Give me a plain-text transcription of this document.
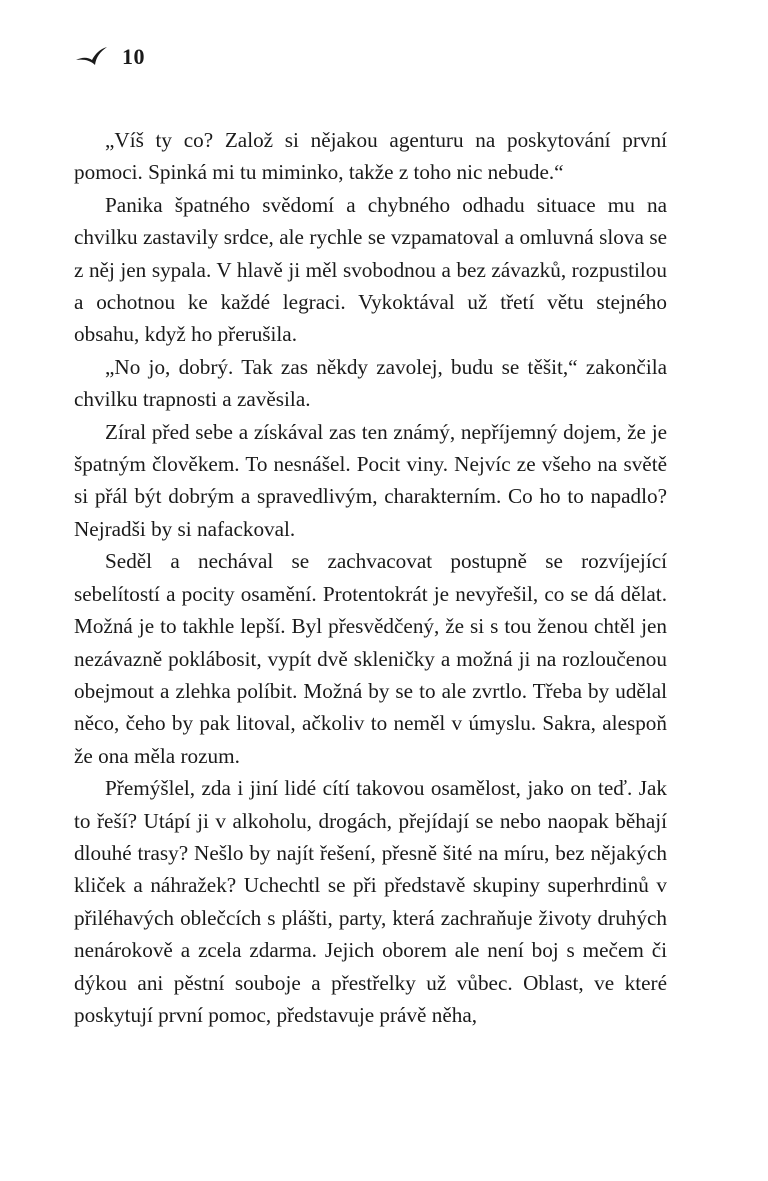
10

„Víš ty co? Založ si nějakou agenturu na poskytování první pomoci. Spinká mi tu miminko, takže z toho nic nebude.“

Panika špatného svědomí a chybného odhadu situace mu na chvilku zastavily srdce, ale rychle se vzpamatoval a omluvná slova se z něj jen sypala. V hlavě ji měl svobodnou a bez závazků, rozpustilou a ochotnou ke každé legraci. Vykoktával už třetí větu stejného obsahu, když ho přerušila.

„No jo, dobrý. Tak zas někdy zavolej, budu se těšit,“ zakončila chvilku trapnosti a zavěsila.

Zíral před sebe a získával zas ten známý, nepříjemný dojem, že je špatným člověkem. To nesnášel. Pocit viny. Nejvíc ze všeho na světě si přál být dobrým a spravedlivým, charakterním. Co ho to napadlo? Nejradši by si nafackoval.

Seděl a nechával se zachvacovat postupně se rozvíjející sebelítostí a pocity osamění. Protentokrát je nevyřešil, co se dá dělat. Možná je to takhle lepší. Byl přesvědčený, že si s tou ženou chtěl jen nezávazně poklábosit, vypít dvě skleničky a možná ji na rozloučenou obejmout a zlehka políbit. Možná by se to ale zvrtlo. Třeba by udělal něco, čeho by pak litoval, ačkoliv to neměl v úmyslu. Sakra, alespoň že ona měla rozum.

Přemýšlel, zda i jiní lidé cítí takovou osamělost, jako on teď. Jak to řeší? Utápí ji v alkoholu, drogách, přejídají se nebo naopak běhají dlouhé trasy? Nešlo by najít řešení, přesně šité na míru, bez nějakých kliček a náhražek? Uchechtl se při představě skupiny superhrdinů v přiléhavých oblečcích s plášti, party, která zachraňuje životy druhých nenárokově a zcela zdarma. Jejich oborem ale není boj s mečem či dýkou ani pěstní souboje a přestřelky už vůbec. Oblast, ve které poskytují první pomoc, představuje právě něha,
